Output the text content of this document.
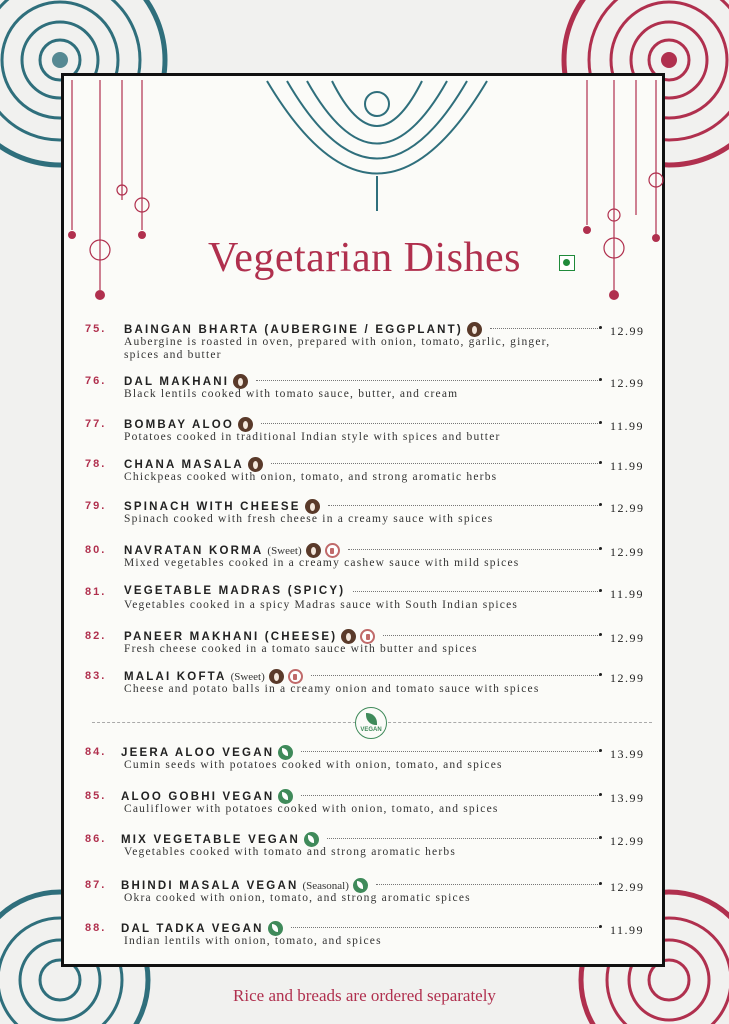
Vegetarian Dishes
75. BAINGAN BHARTA (AUBERGINE / EGGPLANT)	12.99
Aubergine is roasted in oven, prepared with onion, tomato, garlic, ginger, spices and butter
76. DAL MAKHANI	12.99
Black lentils cooked with tomato sauce, butter, and cream
77. BOMBAY ALOO	11.99
Potatoes cooked in traditional Indian style with spices and butter
78. CHANA MASALA	11.99
Chickpeas cooked with onion, tomato, and strong aromatic herbs
79. SPINACH WITH CHEESE	12.99
Spinach cooked with fresh cheese in a creamy sauce with spices
80. NAVRATAN KORMA (Sweet)	12.99
Mixed vegetables cooked in a creamy cashew sauce with mild spices
81. VEGETABLE MADRAS (SPICY)	11.99
Vegetables cooked in a spicy Madras sauce with South Indian spices
82. PANEER MAKHANI (CHEESE)	12.99
Fresh cheese cooked in a tomato sauce with butter and spices
83. MALAI KOFTA (Sweet)	12.99
Cheese and potato balls in a creamy onion and tomato sauce with spices
VEGAN
84. JEERA ALOO VEGAN	13.99
Cumin seeds with potatoes cooked with onion, tomato, and spices
85. ALOO GOBHI VEGAN	13.99
Cauliflower with potatoes cooked with onion, tomato, and spices
86. MIX VEGETABLE VEGAN	12.99
Vegetables cooked with tomato and strong aromatic herbs
87. BHINDI MASALA VEGAN (Seasonal)	12.99
Okra cooked with onion, tomato, and strong aromatic spices
88. DAL TADKA VEGAN	11.99
Indian lentils with onion, tomato, and spices
Rice and breads are ordered separately
